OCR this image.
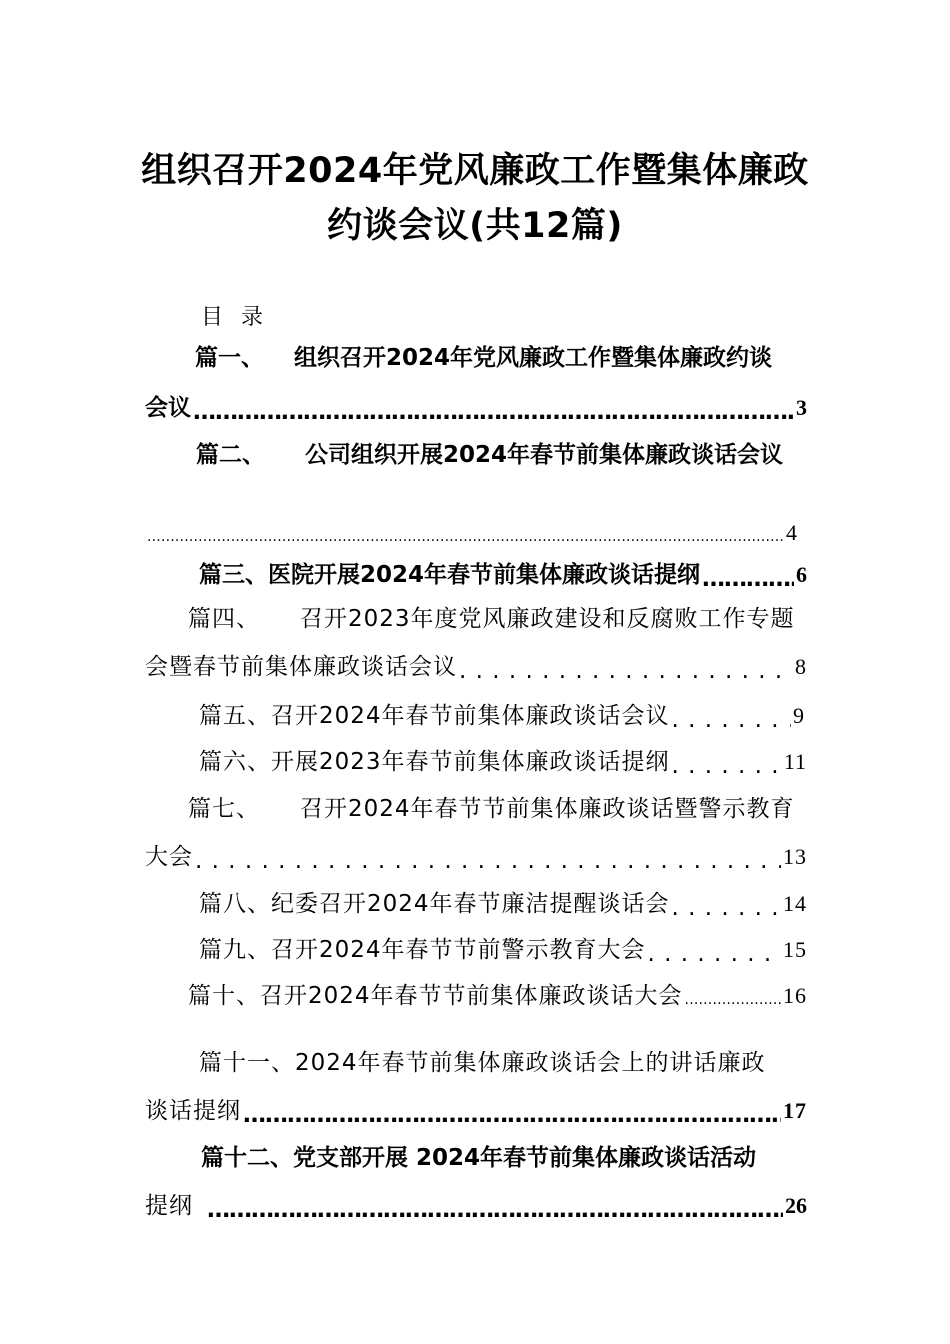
组织召开2024年党风廉政工作暨集体廉政
约谈会议(共12篇)
目 录
篇一、 组织召开2024年党风廉政工作暨集体廉政约谈
会议 ……………………………………………………………………………………………………………………………………………………………	3
篇二、 公司组织开展2024年春节前集体廉政谈话会议
.....
4
篇三、医院开展2024年春节前集体廉政谈话提纲 ……………………………………………………………………………………………………………………………………………………………	6
篇四、 召开2023年度党风廉政建设和反腐败工作专题
会暨春节前集体廉政谈话会议 . . .	8
篇五、召开2024年春节前集体廉政谈话会议 . . .	9
篇六、开展2023年春节前集体廉政谈话提纲 . . .	11
篇七、 召开2024年春节节前集体廉政谈话暨警示教育
大会 . . .	13
篇八、纪委召开2024年春节廉洁提醒谈话会 . . .	14
篇九、召开2024年春节节前警示教育大会 . . .	15
篇十、召开2024年春节节前集体廉政谈话大会 .....	16
篇十一、2024年春节前集体廉政谈话会上的讲话廉政
谈话提纲 ……………………………………………………………………………………………………………………………………………………………	17
篇十二、党支部开展 2024年春节前集体廉政谈话活动
提纲 ……………………………………………………………………………………………………………………………………………………………	26
